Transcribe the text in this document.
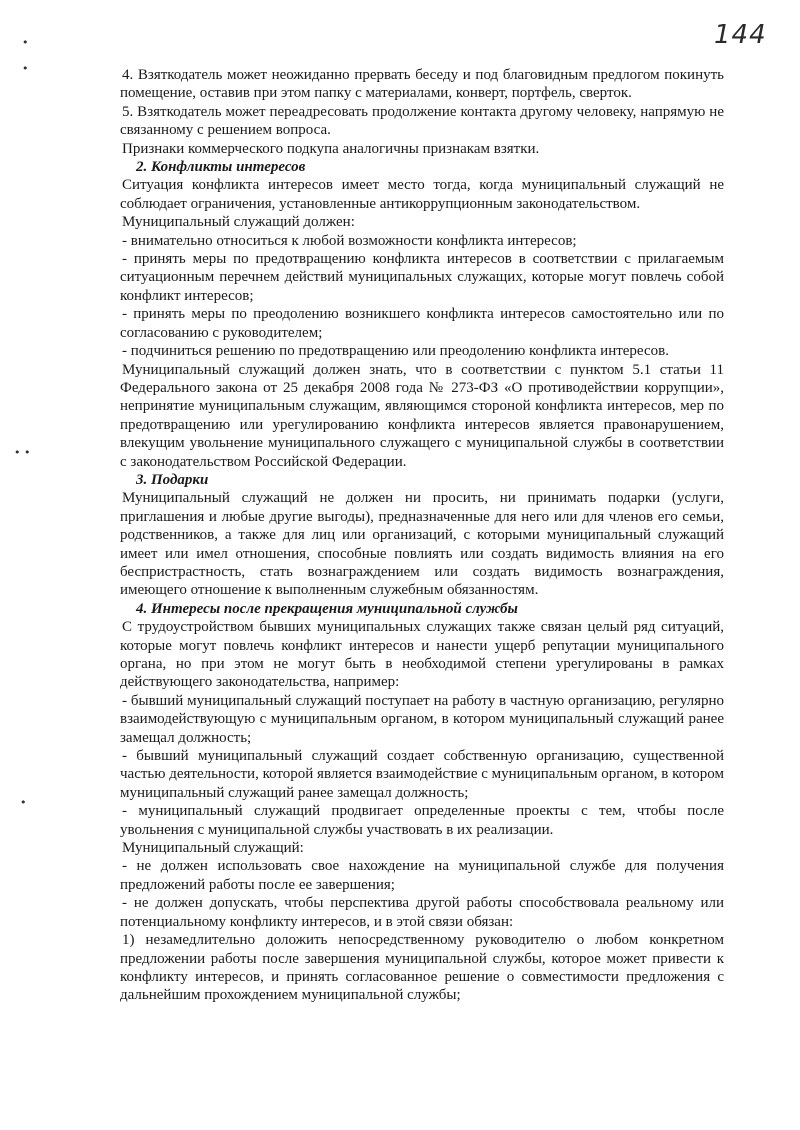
144
•
•
• •
•

4. Взяткодатель может неожиданно прервать беседу и под благовидным предлогом покинуть помещение, оставив при этом папку с материалами, конверт, портфель, сверток.

5. Взяткодатель может переадресовать продолжение контакта другому человеку, напрямую не связанному с решением вопроса.

Признаки коммерческого подкупа аналогичны признакам взятки.

2. Конфликты интересов

Ситуация конфликта интересов имеет место тогда, когда муниципальный служащий не соблюдает ограничения, установленные антикоррупционным законодательством.

Муниципальный служащий должен:

- внимательно относиться к любой возможности конфликта интересов;

- принять меры по предотвращению конфликта интересов в соответствии с прилагаемым ситуационным перечнем действий муниципальных служащих, которые могут повлечь собой конфликт интересов;

- принять меры по преодолению возникшего конфликта интересов самостоятельно или по согласованию с руководителем;

- подчиниться решению по предотвращению или преодолению конфликта интересов.

Муниципальный служащий должен знать, что в соответствии с пунктом 5.1 статьи 11 Федерального закона от 25 декабря 2008 года № 273-ФЗ «О противодействии коррупции», непринятие муниципальным служащим, являющимся стороной конфликта интересов, мер по предотвращению или урегулированию конфликта интересов является правонарушением, влекущим увольнение муниципального служащего с муниципальной службы в соответствии с законодательством Российской Федерации.

3. Подарки

Муниципальный служащий не должен ни просить, ни принимать подарки (услуги, приглашения и любые другие выгоды), предназначенные для него или для членов его семьи, родственников, а также для лиц или организаций, с которыми муниципальный служащий имеет или имел отношения, способные повлиять или создать видимость влияния на его беспристрастность, стать вознаграждением или создать видимость вознаграждения, имеющего отношение к выполненным служебным обязанностям.

4. Интересы после прекращения муниципальной службы

С трудоустройством бывших муниципальных служащих также связан целый ряд ситуаций, которые могут повлечь конфликт интересов и нанести ущерб репутации муниципального органа, но при этом не могут быть в необходимой степени урегулированы в рамках действующего законодательства, например:

- бывший муниципальный служащий поступает на работу в частную организацию, регулярно взаимодействующую с муниципальным органом, в котором муниципальный служащий ранее замещал должность;

- бывший муниципальный служащий создает собственную организацию, существенной частью деятельности, которой является взаимодействие с муниципальным органом, в котором муниципальный служащий ранее замещал должность;

- муниципальный служащий продвигает определенные проекты с тем, чтобы после увольнения с муниципальной службы участвовать в их реализации.

Муниципальный служащий:

- не должен использовать свое нахождение на муниципальной службе для получения предложений работы после ее завершения;

- не должен допускать, чтобы перспектива другой работы способствовала реальному или потенциальному конфликту интересов, и в этой связи обязан:

1) незамедлительно доложить непосредственному руководителю о любом конкретном предложении работы после завершения муниципальной службы, которое может привести к конфликту интересов, и принять согласованное решение о совместимости предложения с дальнейшим прохождением муниципальной службы;
